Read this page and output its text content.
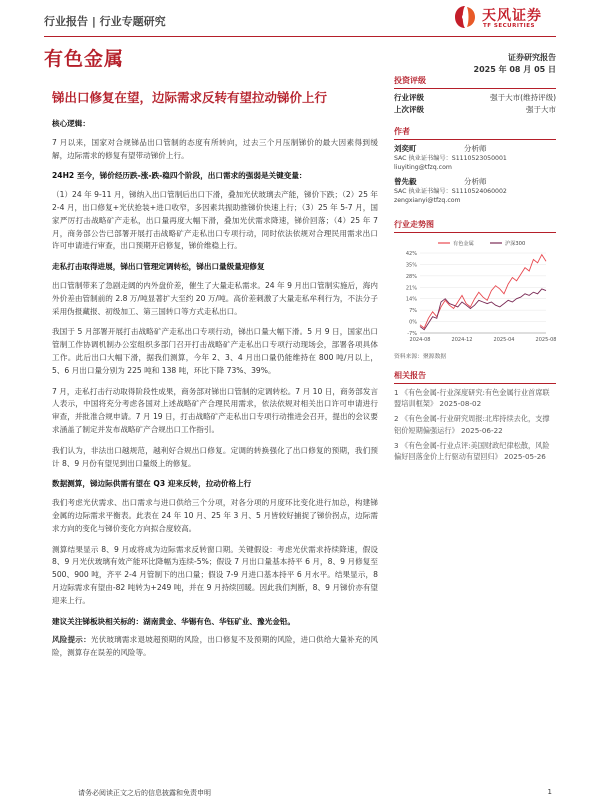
行业报告 | 行业专题研究	天风证券
TF SECURITIES
有色金属	证券研究报告
2025 年 08 月 05 日
锑出口修复在望，边际需求反转有望拉动锑价上行
核心逻辑：
7 月以来，国家对合规锑品出口管制的态度有所转向，过去三个月压制锑价的最大因素得到缓解，边际需求的修复有望带动锑价上行。
24H2 至今，锑价经历跌-涨-跌-稳四个阶段，出口需求的强弱是关键变量：
（1）24 年 9-11 月，锑纳入出口管制后出口下滑，叠加光伏玻璃去产能，锑价下跌；（2）25 年 2-4 月，出口修复+光伏抢装+进口收窄，多因素共振助推锑价快速上行；（3）25 年 5-7 月，国家严厉打击战略矿产走私，出口量再度大幅下滑，叠加光伏需求降速，锑价回落；（4）25 年 7 月，商务部公告已部署开展打击战略矿产走私出口专项行动，同时依法依规对合理民用需求出口许可申请进行审查，出口预期开启修复，锑价维稳上行。
走私打击取得进展，锑出口管理定调转松，锑出口量级量迎修复
出口管制带来了急剧走阔的内外盘价差，催生了大量走私需求。24 年 9 月出口管制实施后，海内外价差由管制前的 2.8 万/吨显著扩大至约 20 万/吨。高价差刺激了大量走私牟利行为，不法分子采用伪报藏报、初级加工、第三国转口等方式走私出口。
我国于 5 月部署开展打击战略矿产走私出口专项行动，锑出口量大幅下滑。5 月 9 日，国家出口管制工作协调机制办公室组织多部门召开打击战略矿产走私出口专项行动现场会，部署各项具体工作。此后出口大幅下滑，据我们测算，今年 2、3、4 月出口量仍能维持在 800 吨/月以上，5、6 月出口量分别为 225 吨和 138 吨，环比下降 73%、39%。
7 月，走私打击行动取得阶段性成果，商务部对锑出口管制的定调转松。7 月 10 日，商务部发言人表示，中国将充分考虑各国对上述战略矿产合理民用需求，依法依规对相关出口许可申请进行审查，并批准合规申请。7 月 19 日，打击战略矿产走私出口专项行动推进会召开，提出的会议要求涵盖了制定并发布战略矿产合规出口工作指引。
我们认为，非法出口越规范，越利好合规出口修复。定调的转换强化了出口修复的预期，我们预计 8、9 月份有望见到出口量级上的修复。
数据测算，锑边际供需有望在 Q3 迎来反转，拉动价格上行
我们考虑光伏需求、出口需求与进口供给三个分项，对各分项的月度环比变化进行加总，构建锑金属的边际需求平衡表。此表在 24 年 10 月、25 年 3 月、5 月皆较好捕捉了锑价拐点，边际需求方向的变化与锑价变化方向拟合度较高。
测算结果显示 8、9 月或将成为边际需求反转窗口期。关键假设：考虑光伏需求持续降速，假设 8、9 月光伏玻璃有效产能环比降幅为连续-5%；假设 7 月出口量基本持平 6 月，8、9 月修复至 500、900 吨，齐平 2-4 月管制下的出口量；假设 7-9 月进口基本持平 6 月水平。结果显示，8 月边际需求有望由-82 吨转为+249 吨，并在 9 月持续回暖。因此我们判断，8、9 月锑价亦有望迎来上行。
建议关注锑板块相关标的：湖南黄金、华锡有色、华钰矿业、豫光金铅。
风险提示：光伏玻璃需求退坡超预期的风险，出口修复不及预期的风险，进口供给大量补充的风险，测算存在误差的风险等。
投资评级
行业评级	强于大市(维持评级)
上次评级	强于大市
作者
刘奕町	分析师
SAC 执业证书编号：S1110523050001
liuyiting@tfzq.com
曾先毅	分析师
SAC 执业证书编号：S1110524060002
zengxianyi@tfzq.com
行业走势图
-7%
0%
7%
14%
21%
28%
35%
42%
2024-08	2024-12	2025-04	2025-08
有色金属	沪深300
资料来源：聚源数据
相关报告
1 《有色金属-行业深度研究:有色金属行业首席联盟培训框架》 2025-08-02
2 《有色金属-行业研究周报:北库持续去化，支撑铝价短期偏强运行》 2025-06-22
3 《有色金属-行业点评:美国财政纪律松散，风险偏好回落金价上行驱动有望回归》 2025-05-26
请务必阅读正文之后的信息披露和免责申明	1
